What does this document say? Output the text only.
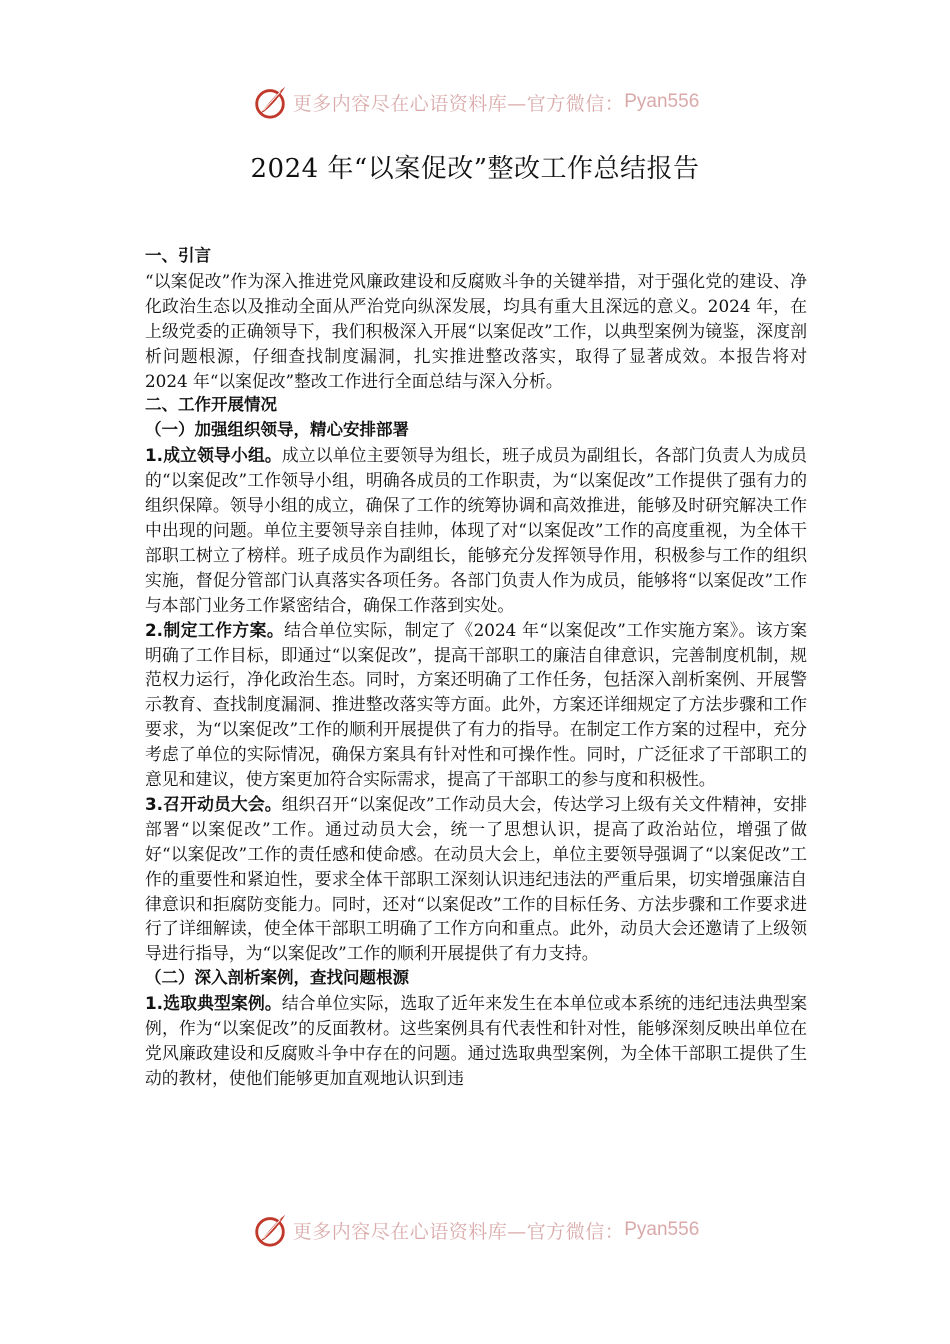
更多内容尽在心语资料库—官方微信： Pyan556
2024 年“以案促改”整改工作总结报告

一、引言

“以案促改”作为深入推进党风廉政建设和反腐败斗争的关键举措，对于强化党的建设、净化政治生态以及推动全面从严治党向纵深发展，均具有重大且深远的意义。2024 年，在上级党委的正确领导下，我们积极深入开展“以案促改”工作，以典型案例为镜鉴，深度剖析问题根源，仔细查找制度漏洞，扎实推进整改落实，取得了显著成效。本报告将对 2024 年“以案促改”整改工作进行全面总结与深入分析。

二、工作开展情况

（一）加强组织领导，精心安排部署

1.成立领导小组。成立以单位主要领导为组长，班子成员为副组长，各部门负责人为成员的“以案促改”工作领导小组，明确各成员的工作职责，为“以案促改”工作提供了强有力的组织保障。领导小组的成立，确保了工作的统筹协调和高效推进，能够及时研究解决工作中出现的问题。单位主要领导亲自挂帅，体现了对“以案促改”工作的高度重视，为全体干部职工树立了榜样。班子成员作为副组长，能够充分发挥领导作用，积极参与工作的组织实施，督促分管部门认真落实各项任务。各部门负责人作为成员，能够将“以案促改”工作与本部门业务工作紧密结合，确保工作落到实处。

2.制定工作方案。结合单位实际，制定了《2024 年“以案促改”工作实施方案》。该方案明确了工作目标，即通过“以案促改”，提高干部职工的廉洁自律意识，完善制度机制，规范权力运行，净化政治生态。同时，方案还明确了工作任务，包括深入剖析案例、开展警示教育、查找制度漏洞、推进整改落实等方面。此外，方案还详细规定了方法步骤和工作要求，为“以案促改”工作的顺利开展提供了有力的指导。在制定工作方案的过程中，充分考虑了单位的实际情况，确保方案具有针对性和可操作性。同时，广泛征求了干部职工的意见和建议，使方案更加符合实际需求，提高了干部职工的参与度和积极性。

3.召开动员大会。组织召开“以案促改”工作动员大会，传达学习上级有关文件精神，安排部署“以案促改”工作。通过动员大会，统一了思想认识，提高了政治站位，增强了做好“以案促改”工作的责任感和使命感。在动员大会上，单位主要领导强调了“以案促改”工作的重要性和紧迫性，要求全体干部职工深刻认识违纪违法的严重后果，切实增强廉洁自律意识和拒腐防变能力。同时，还对“以案促改”工作的目标任务、方法步骤和工作要求进行了详细解读，使全体干部职工明确了工作方向和重点。此外，动员大会还邀请了上级领导进行指导，为“以案促改”工作的顺利开展提供了有力支持。

（二）深入剖析案例，查找问题根源

1.选取典型案例。结合单位实际，选取了近年来发生在本单位或本系统的违纪违法典型案例，作为“以案促改”的反面教材。这些案例具有代表性和针对性，能够深刻反映出单位在党风廉政建设和反腐败斗争中存在的问题。通过选取典型案例，为全体干部职工提供了生动的教材，使他们能够更加直观地认识到违

更多内容尽在心语资料库—官方微信： Pyan556
